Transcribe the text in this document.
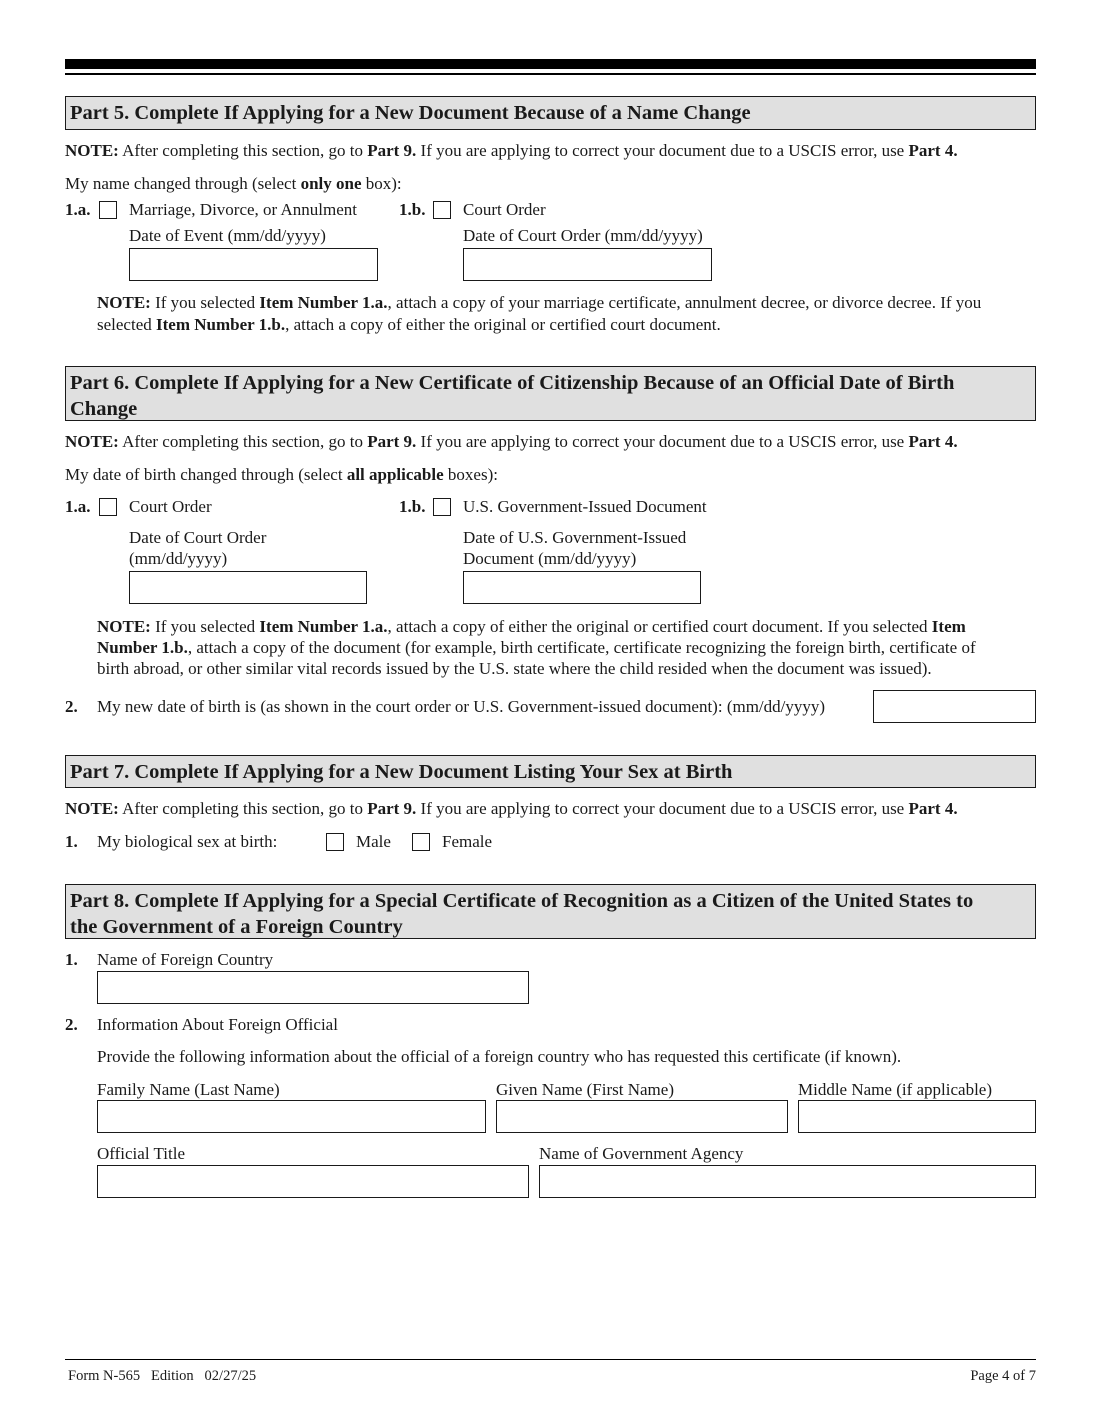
Part 5. Complete If Applying for a New Document Because of a Name Change
NOTE: After completing this section, go to Part 9. If you are applying to correct your document due to a USCIS error, use Part 4.
My name changed through (select only one box):
1.a. Marriage, Divorce, or Annulment
Date of Event (mm/dd/yyyy)
1.b. Court Order
Date of Court Order (mm/dd/yyyy)
NOTE: If you selected Item Number 1.a., attach a copy of your marriage certificate, annulment decree, or divorce decree. If you
selected Item Number 1.b., attach a copy of either the original or certified court document.
Part 6. Complete If Applying for a New Certificate of Citizenship Because of an Official Date of Birth
Change
NOTE: After completing this section, go to Part 9. If you are applying to correct your document due to a USCIS error, use Part 4.
My date of birth changed through (select all applicable boxes):
1.a. Court Order
Date of Court Order
(mm/dd/yyyy)
1.b. U.S. Government-Issued Document
Date of U.S. Government-Issued
Document (mm/dd/yyyy)
NOTE: If you selected Item Number 1.a., attach a copy of either the original or certified court document. If you selected Item
Number 1.b., attach a copy of the document (for example, birth certificate, certificate recognizing the foreign birth, certificate of
birth abroad, or other similar vital records issued by the U.S. state where the child resided when the document was issued).
2. My new date of birth is (as shown in the court order or U.S. Government-issued document): (mm/dd/yyyy)
Part 7. Complete If Applying for a New Document Listing Your Sex at Birth
NOTE: After completing this section, go to Part 9. If you are applying to correct your document due to a USCIS error, use Part 4.
1. My biological sex at birth:	Male	Female
Part 8. Complete If Applying for a Special Certificate of Recognition as a Citizen of the United States to
the Government of a Foreign Country
1. Name of Foreign Country
2. Information About Foreign Official
Provide the following information about the official of a foreign country who has requested this certificate (if known).
Family Name (Last Name)	Given Name (First Name)	Middle Name (if applicable)
Official Title	Name of Government Agency
Form N-565   Edition   02/27/25	Page 4 of 7
